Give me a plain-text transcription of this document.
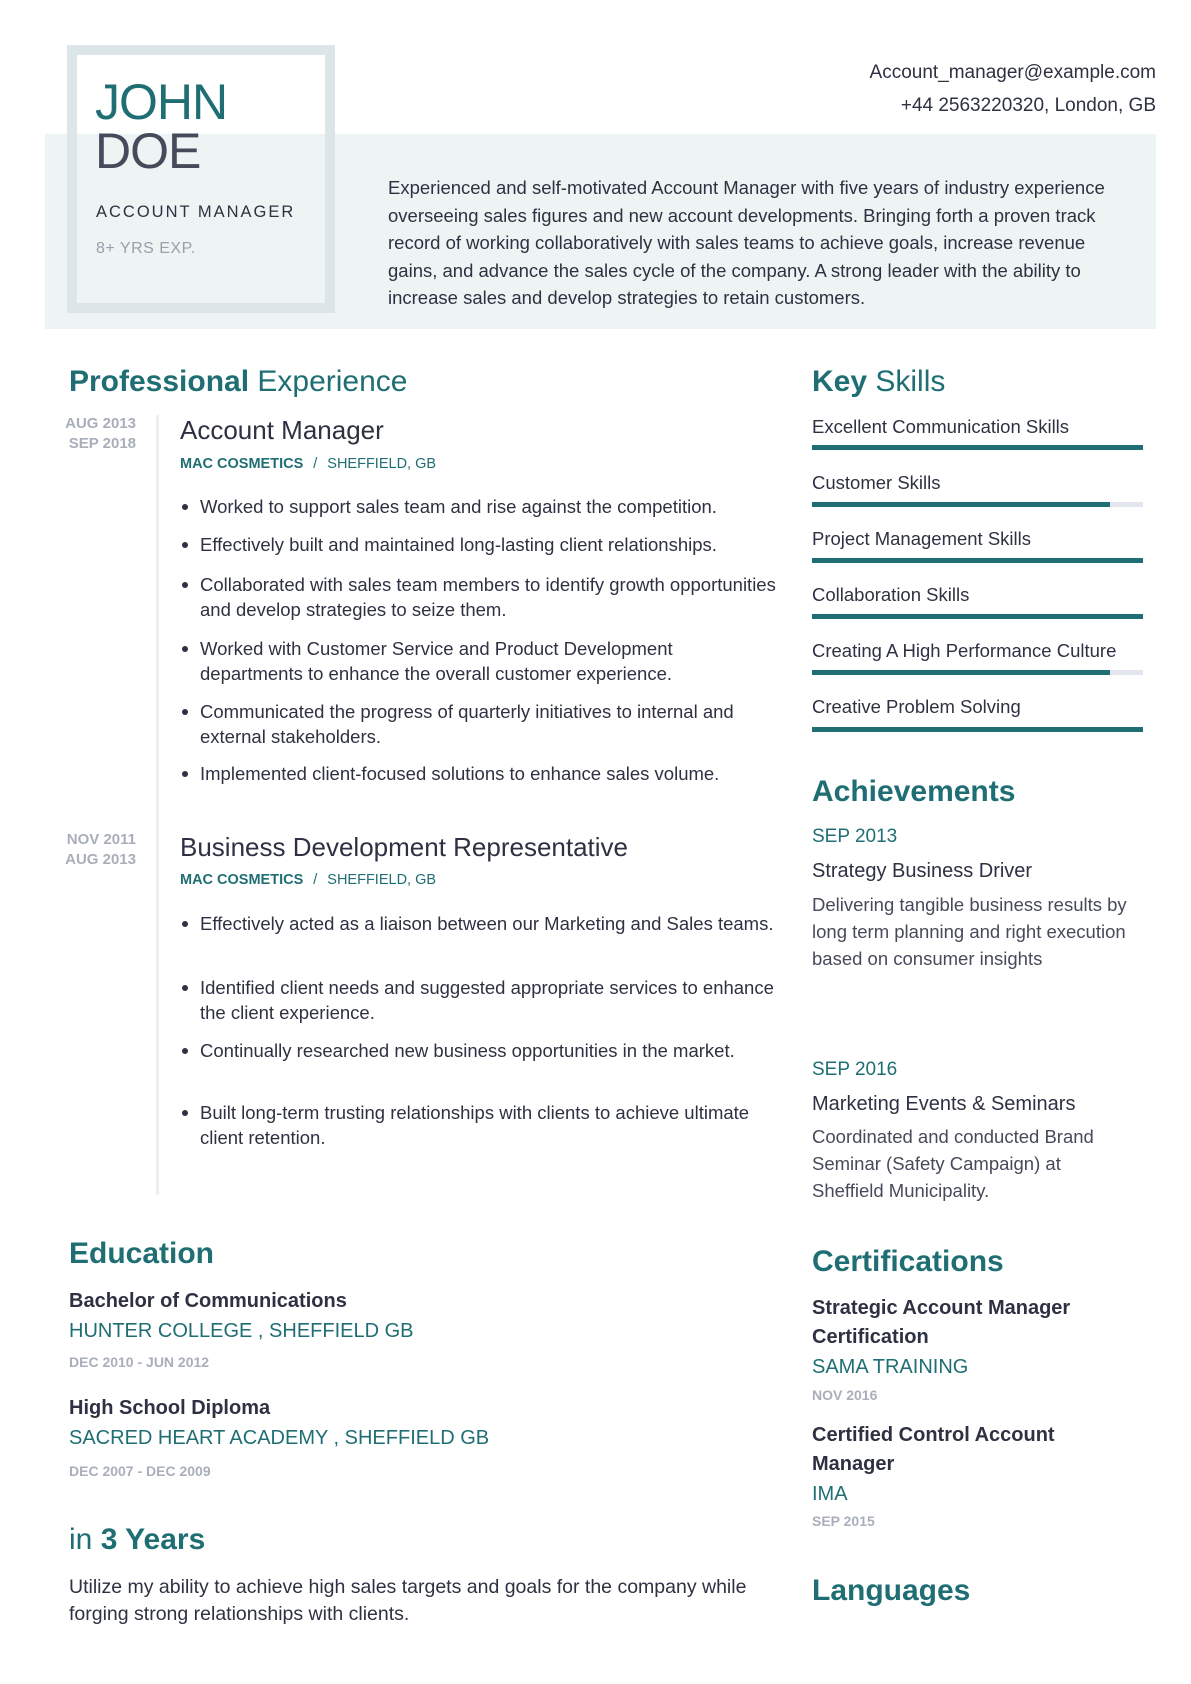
JOHN
DOE
ACCOUNT MANAGER
8+ YRS EXP.
Account_manager@example.com
+44 2563220320, London, GB
Experienced and self-motivated Account Manager with five years of industry experience overseeing sales figures and new account developments. Bringing forth a proven track record of working collaboratively with sales teams to achieve goals, increase revenue gains, and advance the sales cycle of the company. A strong leader with the ability to increase sales and develop strategies to retain customers.
Professional Experience
AUG 2013
SEP 2018 Account Manager
MAC COSMETICS / SHEFFIELD, GB
Worked to support sales team and rise against the competition.
Effectively built and maintained long-lasting client relationships.
Collaborated with sales team members to identify growth opportunities and develop strategies to seize them.
Worked with Customer Service and Product Development departments to enhance the overall customer experience.
Communicated the progress of quarterly initiatives to internal and external stakeholders.
Implemented client-focused solutions to enhance sales volume.
NOV 2011
AUG 2013 Business Development Representative
MAC COSMETICS / SHEFFIELD, GB
Effectively acted as a liaison between our Marketing and Sales teams.
Identified client needs and suggested appropriate services to enhance the client experience.
Continually researched new business opportunities in the market.
Built long-term trusting relationships with clients to achieve ultimate client retention.
Key Skills
Excellent Communication Skills
Customer Skills
Project Management Skills
Collaboration Skills
Creating A High Performance Culture
Creative Problem Solving
Achievements
SEP 2013
Strategy Business Driver
Delivering tangible business results by long term planning and right execution based on consumer insights
SEP 2016
Marketing Events & Seminars
Coordinated and conducted Brand Seminar (Safety Campaign) at Sheffield Municipality.
Education
Bachelor of Communications
HUNTER COLLEGE , SHEFFIELD GB
DEC 2010 - JUN 2012
High School Diploma
SACRED HEART ACADEMY , SHEFFIELD GB
DEC 2007 - DEC 2009
in 3 Years
Utilize my ability to achieve high sales targets and goals for the company while forging strong relationships with clients.
Certifications
Strategic Account Manager Certification
SAMA TRAINING
NOV 2016
Certified Control Account Manager
IMA
SEP 2015
Languages
